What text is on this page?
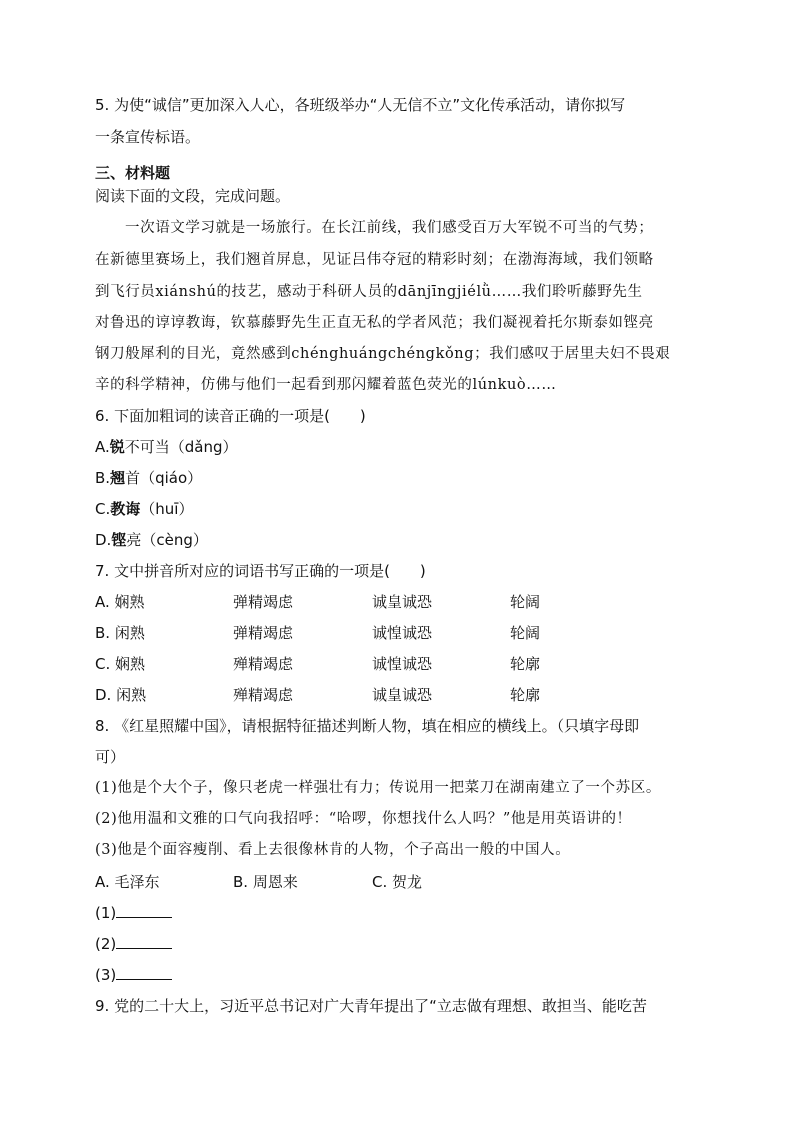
5. 为使“诚信”更加深入人心，各班级举办“人无信不立”文化传承活动，请你拟写
一条宣传标语。
三、材料题
阅读下面的文段，完成问题。
一次语文学习就是一场旅行。在长江前线，我们感受百万大军锐不可当的气势；
在新德里赛场上，我们翘首屏息，见证吕伟夺冠的精彩时刻；在渤海海域，我们领略
到飞行员xiánshú的技艺，感动于科研人员的dānjīngjiélǜ……我们聆听藤野先生
对鲁迅的谆谆教诲，钦慕藤野先生正直无私的学者风范；我们凝视着托尔斯泰如铿亮
钢刀般犀利的目光，竟然感到chénghuángchéngkǒng；我们感叹于居里夫妇不畏艰
辛的科学精神，仿佛与他们一起看到那闪耀着蓝色荧光的lúnkuò……
6. 下面加粗词的读音正确的一项是(　　)
A.锐不可当（dǎng）
B.翘首（qiáo）
C.教诲（huī）
D.铿亮（cèng）
7. 文中拼音所对应的词语书写正确的一项是(　　)
A. 娴熟	弹精竭虑	诚皇诚恐	轮阔
B. 闲熟	弹精竭虑	诚惶诚恐	轮阔
C. 娴熟	殚精竭虑	诚惶诚恐	轮廓
D. 闲熟	殚精竭虑	诚皇诚恐	轮廓
8. 《红星照耀中国》，请根据特征描述判断人物，填在相应的横线上。（只填字母即
可）
(1)他是个大个子，像只老虎一样强壮有力；传说用一把菜刀在湖南建立了一个苏区。
(2)他用温和文雅的口气向我招呼：“哈啰，你想找什么人吗？”他是用英语讲的！
(3)他是个面容瘦削、看上去很像林肯的人物，个子高出一般的中国人。
A. 毛泽东	B. 周恩来	C. 贺龙
(1)
(2)
(3)
9. 党的二十大上，习近平总书记对广大青年提出了“立志做有理想、敢担当、能吃苦
